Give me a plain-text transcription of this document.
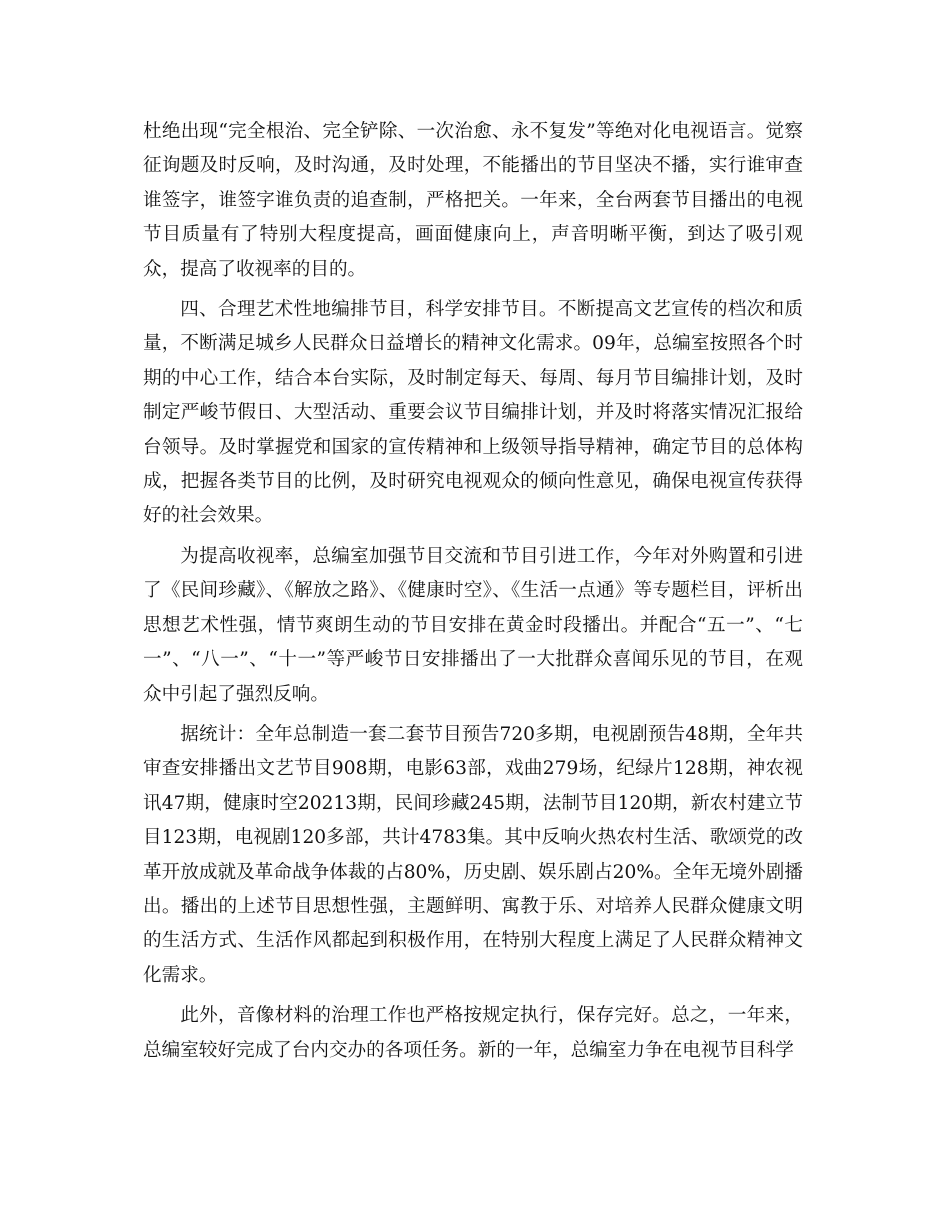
杜绝出现“完全根治、完全铲除、一次治愈、永不复发”等绝对化电视语言。觉察征询题及时反响，及时沟通，及时处理，不能播出的节目坚决不播，实行谁审查谁签字，谁签字谁负责的追查制，严格把关。一年来，全台两套节目播出的电视节目质量有了特别大程度提高，画面健康向上，声音明晰平衡，到达了吸引观众，提高了收视率的目的。

四、合理艺术性地编排节目，科学安排节目。不断提高文艺宣传的档次和质量，不断满足城乡人民群众日益增长的精神文化需求。09年，总编室按照各个时期的中心工作，结合本台实际，及时制定每天、每周、每月节目编排计划，及时制定严峻节假日、大型活动、重要会议节目编排计划，并及时将落实情况汇报给台领导。及时掌握党和国家的宣传精神和上级领导指导精神，确定节目的总体构成，把握各类节目的比例，及时研究电视观众的倾向性意见，确保电视宣传获得好的社会效果。

为提高收视率，总编室加强节目交流和节目引进工作，今年对外购置和引进了《民间珍藏》、《解放之路》、《健康时空》、《生活一点通》等专题栏目，评析出思想艺术性强，情节爽朗生动的节目安排在黄金时段播出。并配合“五一”、“七一”、“八一”、“十一”等严峻节日安排播出了一大批群众喜闻乐见的节目，在观众中引起了强烈反响。

据统计：全年总制造一套二套节目预告720多期，电视剧预告48期，全年共审查安排播出文艺节目908期，电影63部，戏曲279场，纪绿片128期，神农视讯47期，健康时空20213期，民间珍藏245期，法制节目120期，新农村建立节目123期，电视剧120多部，共计4783集。其中反响火热农村生活、歌颂党的改革开放成就及革命战争体裁的占80%，历史剧、娱乐剧占20%。全年无境外剧播出。播出的上述节目思想性强，主题鲜明、寓教于乐、对培养人民群众健康文明的生活方式、生活作风都起到积极作用，在特别大程度上满足了人民群众精神文化需求。

此外，音像材料的治理工作也严格按规定执行，保存完好。总之，一年来，总编室较好完成了台内交办的各项任务。新的一年，总编室力争在电视节目科学
